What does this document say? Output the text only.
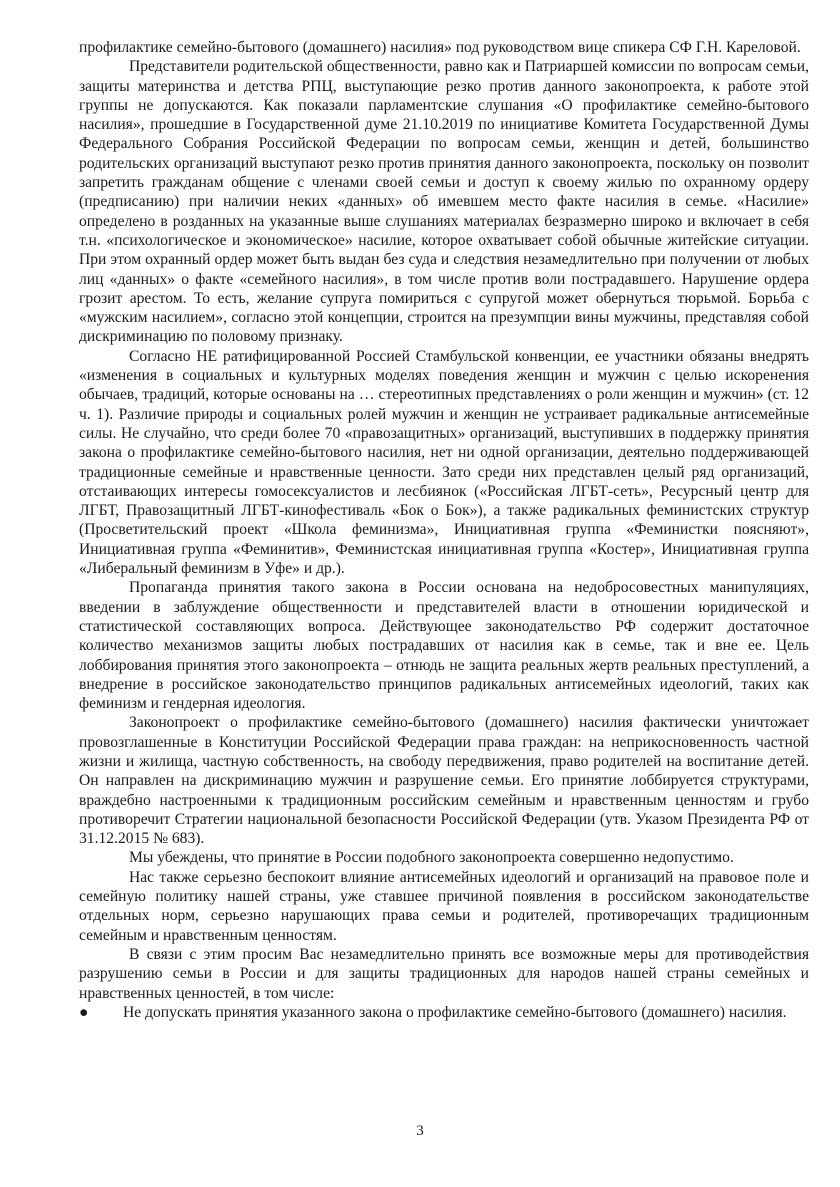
профилактике семейно-бытового (домашнего) насилия» под руководством вице спикера СФ Г.Н. Кареловой.

Представители родительской общественности, равно как и Патриаршей комиссии по вопросам семьи, защиты материнства и детства РПЦ, выступающие резко против данного законопроекта, к работе этой группы не допускаются. Как показали парламентские слушания «О профилактике семейно-бытового насилия», прошедшие в Государственной думе 21.10.2019 по инициативе Комитета Государственной Думы Федерального Собрания Российской Федерации по вопросам семьи, женщин и детей, большинство родительских организаций выступают резко против принятия данного законопроекта, поскольку он позволит запретить гражданам общение с членами своей семьи и доступ к своему жилью по охранному ордеру (предписанию) при наличии неких «данных» об имевшем место факте насилия в семье. «Насилие» определено в розданных на указанные выше слушаниях материалах безразмерно широко и включает в себя т.н. «психологическое и экономическое» насилие, которое охватывает собой обычные житейские ситуации. При этом охранный ордер может быть выдан без суда и следствия незамедлительно при получении от любых лиц «данных» о факте «семейного насилия», в том числе против воли пострадавшего. Нарушение ордера грозит арестом. То есть, желание супруга помириться с супругой может обернуться тюрьмой. Борьба с «мужским насилием», согласно этой концепции, строится на презумпции вины мужчины, представляя собой дискриминацию по половому признаку.

Согласно НЕ ратифицированной Россией Стамбульской конвенции, ее участники обязаны внедрять «изменения в социальных и культурных моделях поведения женщин и мужчин с целью искоренения обычаев, традиций, которые основаны на … стереотипных представлениях о роли женщин и мужчин» (ст. 12 ч. 1). Различие природы и социальных ролей мужчин и женщин не устраивает радикальные антисемейные силы. Не случайно, что среди более 70 «правозащитных» организаций, выступивших в поддержку принятия закона о профилактике семейно-бытового насилия, нет ни одной организации, деятельно поддерживающей традиционные семейные и нравственные ценности. Зато среди них представлен целый ряд организаций, отстаивающих интересы гомосексуалистов и лесбиянок («Российская ЛГБТ-сеть», Ресурсный центр для ЛГБТ, Правозащитный ЛГБТ-кинофестиваль «Бок о Бок»), а также радикальных феминистских структур (Просветительский проект «Школа феминизма», Инициативная группа «Феминистки поясняют», Инициативная группа «Феминитив», Феминистская инициативная группа «Костер», Инициативная группа «Либеральный феминизм в Уфе» и др.).

Пропаганда принятия такого закона в России основана на недобросовестных манипуляциях, введении в заблуждение общественности и представителей власти в отношении юридической и статистической составляющих вопроса. Действующее законодательство РФ содержит достаточное количество механизмов защиты любых пострадавших от насилия как в семье, так и вне ее. Цель лоббирования принятия этого законопроекта – отнюдь не защита реальных жертв реальных преступлений, а внедрение в российское законодательство принципов радикальных антисемейных идеологий, таких как феминизм и гендерная идеология.

Законопроект о профилактике семейно-бытового (домашнего) насилия фактически уничтожает провозглашенные в Конституции Российской Федерации права граждан: на неприкосновенность частной жизни и жилища, частную собственность, на свободу передвижения, право родителей на воспитание детей. Он направлен на дискриминацию мужчин и разрушение семьи. Его принятие лоббируется структурами, враждебно настроенными к традиционным российским семейным и нравственным ценностям и грубо противоречит Стратегии национальной безопасности Российской Федерации (утв. Указом Президента РФ от 31.12.2015 № 683).

Мы убеждены, что принятие в России подобного законопроекта совершенно недопустимо.

Нас также серьезно беспокоит влияние антисемейных идеологий и организаций на правовое поле и семейную политику нашей страны, уже ставшее причиной появления в российском законодательстве отдельных норм, серьезно нарушающих права семьи и родителей, противоречащих традиционным семейным и нравственным ценностям.

В связи с этим просим Вас незамедлительно принять все возможные меры для противодействия разрушению семьи в России и для защиты традиционных для народов нашей страны семейных и нравственных ценностей, в том числе:

● Не допускать принятия указанного закона о профилактике семейно-бытового (домашнего) насилия.

3
